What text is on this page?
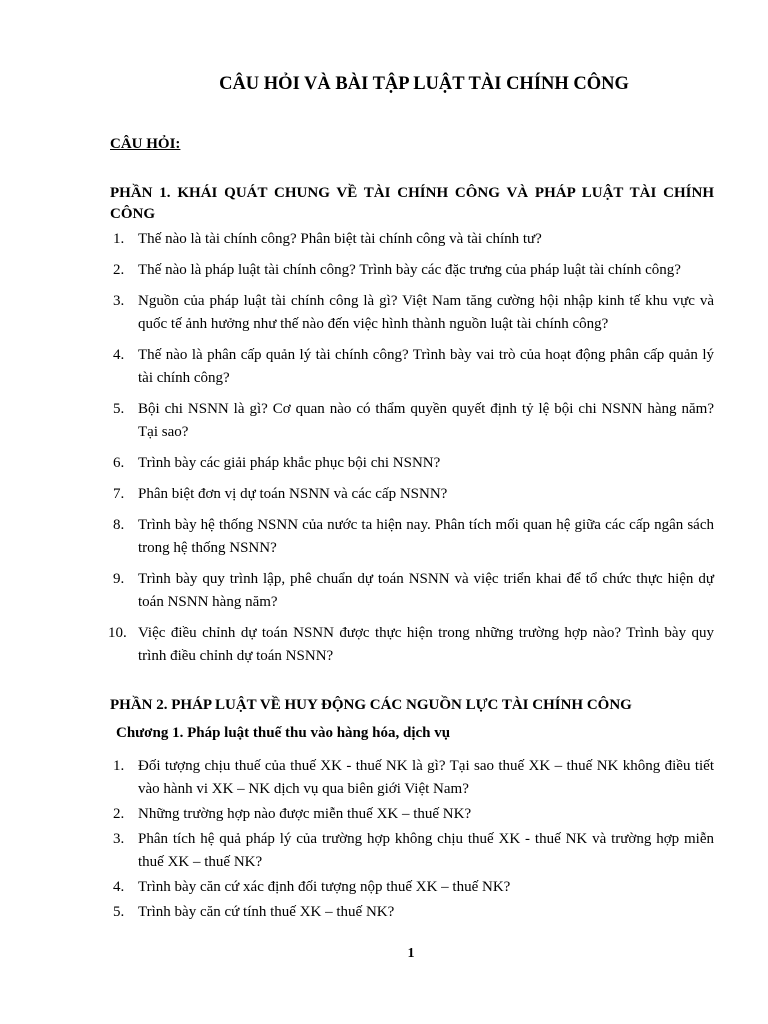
CÂU HỎI VÀ BÀI TẬP LUẬT TÀI CHÍNH CÔNG
CÂU HỎI:
PHẦN 1. KHÁI QUÁT CHUNG VỀ TÀI CHÍNH CÔNG VÀ PHÁP LUẬT TÀI CHÍNH CÔNG
1. Thế nào là tài chính công? Phân biệt tài chính công và tài chính tư?
2. Thế nào là pháp luật tài chính công? Trình bày các đặc trưng của pháp luật tài chính công?
3. Nguồn của pháp luật tài chính công là gì? Việt Nam tăng cường hội nhập kinh tế khu vực và quốc tế ảnh hưởng như thế nào đến việc hình thành nguồn luật tài chính công?
4. Thế nào là phân cấp quản lý tài chính công? Trình bày vai trò của hoạt động phân cấp quản lý tài chính công?
5. Bội chi NSNN là gì? Cơ quan nào có thẩm quyền quyết định tỷ lệ bội chi NSNN hàng năm? Tại sao?
6. Trình bày các giải pháp khắc phục bội chi NSNN?
7. Phân biệt đơn vị dự toán NSNN và các cấp NSNN?
8. Trình bày hệ thống NSNN của nước ta hiện nay. Phân tích mối quan hệ giữa các cấp ngân sách trong hệ thống NSNN?
9. Trình bày quy trình lập, phê chuẩn dự toán NSNN và việc triển khai để tổ chức thực hiện dự toán NSNN hàng năm?
10. Việc điều chỉnh dự toán NSNN được thực hiện trong những trường hợp nào? Trình bày quy trình điều chỉnh dự toán NSNN?
PHẦN 2. PHÁP LUẬT VỀ HUY ĐỘNG CÁC NGUỒN LỰC TÀI CHÍNH CÔNG
Chương 1. Pháp luật thuế thu vào hàng hóa, dịch vụ
1. Đối tượng chịu thuế của thuế XK - thuế NK là gì? Tại sao thuế XK – thuế NK không điều tiết vào hành vi XK – NK dịch vụ qua biên giới Việt Nam?
2. Những trường hợp nào được miễn thuế XK – thuế NK?
3. Phân tích hệ quả pháp lý của trường hợp không chịu thuế XK - thuế NK và trường hợp miễn thuế XK – thuế NK?
4. Trình bày căn cứ xác định đối tượng nộp thuế XK – thuế NK?
5. Trình bày căn cứ tính thuế XK – thuế NK?
1
